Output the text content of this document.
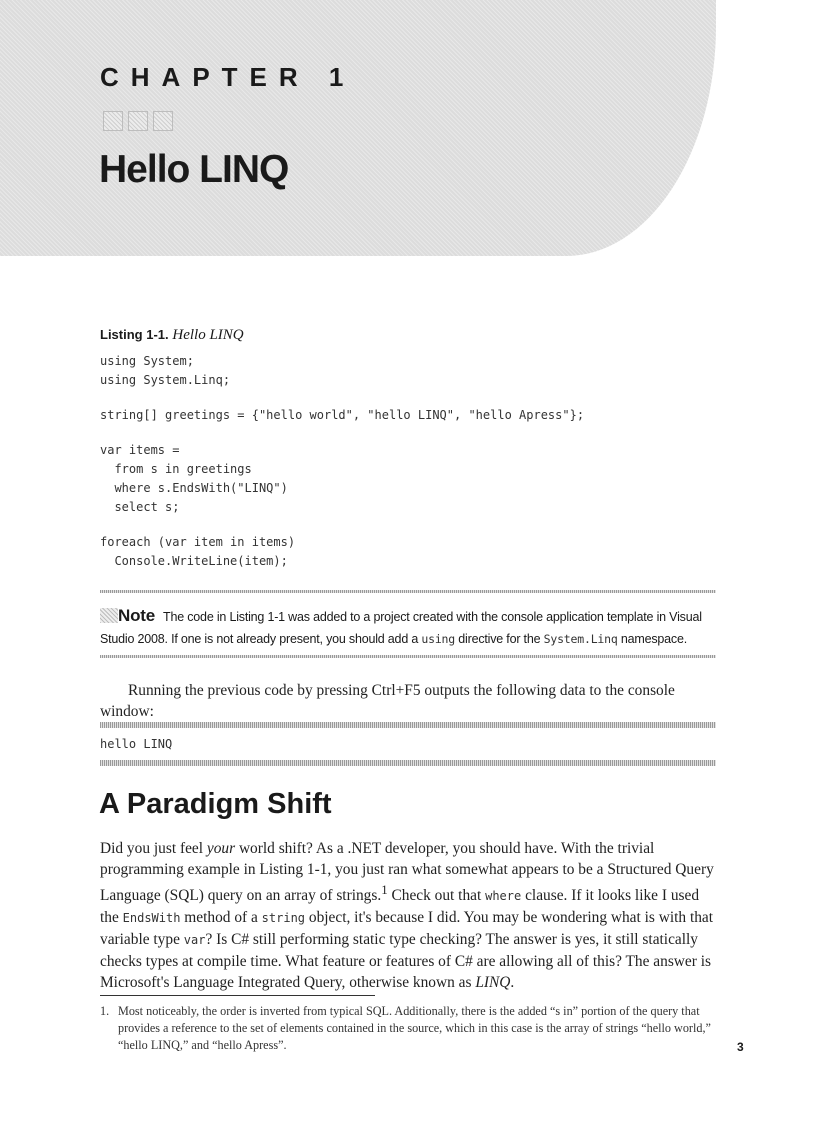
CHAPTER 1
Hello LINQ

Listing 1-1. Hello LINQ

using System;
using System.Linq;
string[] greetings = {"hello world", "hello LINQ", "hello Apress"};
var items =
from s in greetings
where s.EndsWith("LINQ")
select s;
foreach (var item in items)
Console.WriteLine(item);

Note The code in Listing 1-1 was added to a project created with the console application template in Visual Studio 2008. If one is not already present, you should add a using directive for the System.Linq namespace.

Running the previous code by pressing Ctrl+F5 outputs the following data to the console window:

hello LINQ
A Paradigm Shift

Did you just feel your world shift? As a .NET developer, you should have. With the trivial programming example in Listing 1-1, you just ran what somewhat appears to be a Structured Query Language (SQL) query on an array of strings.$^1$ Check out that where clause. If it looks like I used the EndsWith method of a string object, it's because I did. You may be wondering what is with that variable type var? Is C# still performing static type checking? The answer is yes, it still statically checks types at compile time. What feature or features of C# are allowing all of this? The answer is Microsoft's Language Integrated Query, otherwise known as LINQ.

1. Most noticeably, the order is inverted from typical SQL. Additionally, there is the added “s in” portion of the query that provides a reference to the set of elements contained in the source, which in this case is the array of strings “hello world,” “hello LINQ,” and “hello Apress”.	3
